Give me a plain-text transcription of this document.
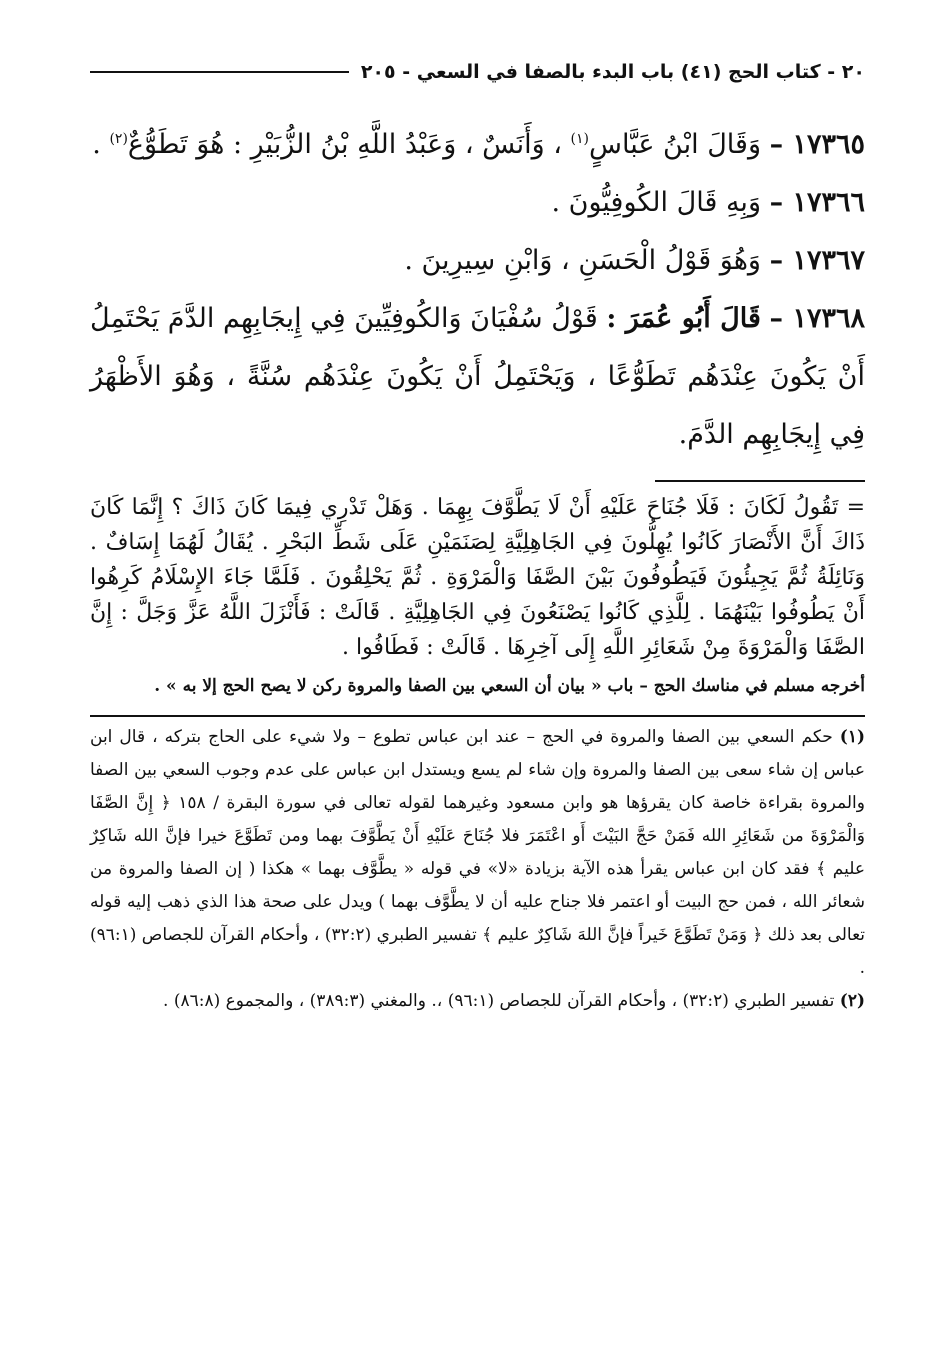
٢٠ - كتاب الحج (٤١) باب البدء بالصفا في السعي - ٢٠٥

١٧٣٦٥ – وَقَالَ ابْنُ عَبَّاسٍ$^{(١)}$ ، وَأَنَسٌ ، وَعَبْدُ اللَّهِ بْنُ الزُّبَيْرِ : هُوَ تَطَوُّعٌ$^{(٢)}$ .

١٧٣٦٦ – وَبِهِ قَالَ الكُوفِيُّونَ .

١٧٣٦٧ – وَهُوَ قَوْلُ الْحَسَنِ ، وَابْنِ سِيرِينَ .

١٧٣٦٨ – قَالَ أَبُو عُمَرَ : قَوْلُ سُفْيَانَ وَالكُوفِيِّينَ فِي إِيجَابِهِم الدَّمَ يَحْتَمِلُ أَنْ يَكُونَ عِنْدَهُم تَطَوُّعًا ، وَيَحْتَمِلُ أَنْ يَكُونَ عِنْدَهُم سُنَّةً ، وَهُوَ الأَظْهَرُ فِي إِيجَابِهِم الدَّمَ.

= تَقُولُ لَكَانَ : فَلَا جُنَاحَ عَلَيْهِ أَنْ لَا يَطَّوَّفَ بِهِمَا . وَهَلْ تَدْرِي فِيمَا كَانَ ذَاكَ ؟ إِنَّمَا كَانَ ذَاكَ أَنَّ الأَنْصَارَ كَانُوا يُهِلُّونَ فِي الجَاهِلِيَّةِ لِصَنَمَيْنِ عَلَى شَطِّ البَحْرِ . يُقَالُ لَهُمَا إِسَافٌ . وَنَائِلَةُ ثُمَّ يَجِيئُونَ فَيَطُوفُونَ بَيْنَ الصَّفَا وَالْمَرْوَةِ . ثُمَّ يَحْلِقُونَ . فَلَمَّا جَاءَ الإِسْلَامُ كَرِهُوا أَنْ يَطُوفُوا بَيْنَهُمَا . لِلَّذِي كَانُوا يَصْنَعُونَ فِي الجَاهِلِيَّةِ . قَالَتْ : فَأَنْزَلَ اللَّهُ عَزَّ وَجَلَّ : إِنَّ الصَّفَا وَالْمَرْوَةَ مِنْ شَعَائِرِ اللَّهِ إِلَى آخِرِهَا . قَالَتْ : فَطَافُوا .

أخرجه مسلم في مناسك الحج – باب « بيان أن السعي بين الصفا والمروة ركن لا يصح الحج إلا به » .

(١) حكم السعي بين الصفا والمروة في الحج – عند ابن عباس تطوع – ولا شيء على الحاج بتركه ، قال ابن عباس إن شاء سعى بين الصفا والمروة وإن شاء لم يسع ويستدل ابن عباس على عدم وجوب السعي بين الصفا والمروة بقراءة خاصة كان يقرؤها هو وابن مسعود وغيرهما لقوله تعالى في سورة البقرة / ١٥٨ ﴿ إِنَّ الصَّفَا وَالْمَرْوَةَ من شَعَائِرِ الله فَمَنْ حَجَّ البَيْتَ أَو اعْتَمَرَ فلا جُنَاحَ عَلَيْهِ أَنْ يَطَّوَّفَ بهما ومن تَطَوَّعَ خيرا فإنَّ الله شَاكِرٌ عليم ﴾ فقد كان ابن عباس يقرأ هذه الآية بزيادة «لا» في قوله « يطَّوَّف بهما » هكذا ( إن الصفا والمروة من شعائر الله ، فمن حج البيت أو اعتمر فلا جناح عليه أن لا يطَّوَّف بهما ) ويدل على صحة هذا الذي ذهب إليه قوله تعالى بعد ذلك ﴿ وَمَنْ تَطَوَّعَ خَيراً فإنَّ اللهَ شَاكِرٌ عليم ﴾ تفسير الطبري (٣٢:٢) ، وأحكام القرآن للجصاص (٩٦:١) .

(٢) تفسير الطبري (٣٢:٢) ، وأحكام القرآن للجصاص (٩٦:١) ،. والمغني (٣٨٩:٣) ، والمجموع (٨٦:٨) .
